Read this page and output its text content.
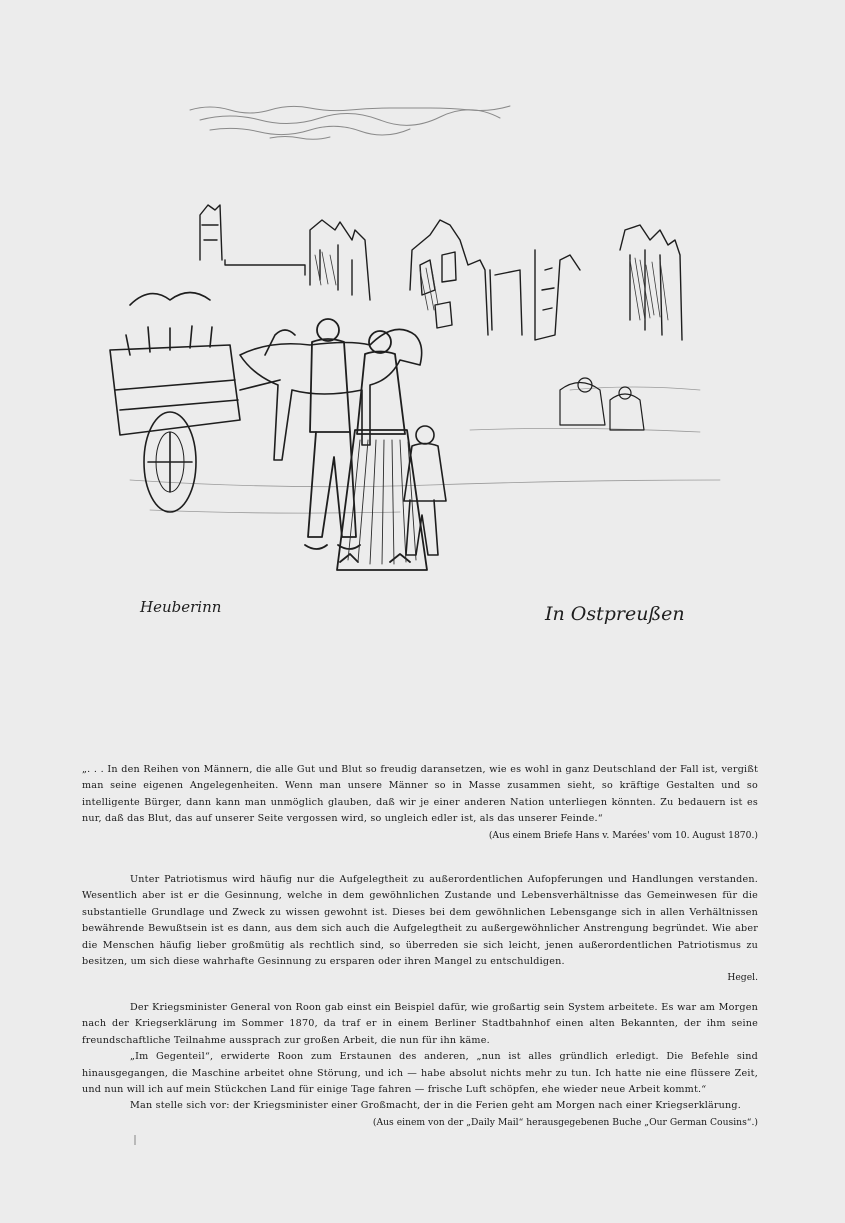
Heuberinn	In Ostpreußen

„. . . In den Reihen von Männern, die alle Gut und Blut so freudig daransetzen, wie es wohl in ganz Deutschland der Fall ist, vergißt man seine eigenen Angelegenheiten. Wenn man unsere Männer so in Masse zusammen sieht, so kräftige Gestalten und so intelligente Bürger, dann kann man unmöglich glauben, daß wir je einer anderen Nation unterliegen könnten. Zu bedauern ist es nur, daß das Blut, das auf unserer Seite vergossen wird, so ungleich edler ist, als das unserer Feinde.“

(Aus einem Briefe Hans v. Marées' vom 10. August 1870.)

Unter Patriotismus wird häufig nur die Aufgelegtheit zu außerordentlichen Aufopferungen und Handlungen verstanden. Wesentlich aber ist er die Gesinnung, welche in dem gewöhnlichen Zustande und Lebensverhältnisse das Gemeinwesen für die substantielle Grundlage und Zweck zu wissen gewohnt ist. Dieses bei dem gewöhnlichen Lebensgange sich in allen Verhältnissen bewährende Bewußtsein ist es dann, aus dem sich auch die Aufgelegtheit zu außergewöhnlicher Anstrengung begründet. Wie aber die Menschen häufig lieber großmütig als rechtlich sind, so überreden sie sich leicht, jenen außerordentlichen Patriotismus zu besitzen, um sich diese wahrhafte Gesinnung zu ersparen oder ihren Mangel zu entschuldigen.

Hegel.

Der Kriegsminister General von Roon gab einst ein Beispiel dafür, wie großartig sein System arbeitete. Es war am Morgen nach der Kriegserklärung im Sommer 1870, da traf er in einem Berliner Stadtbahnhof einen alten Bekannten, der ihm seine freundschaftliche Teilnahme aussprach zur großen Arbeit, die nun für ihn käme.

„Im Gegenteil“, erwiderte Roon zum Erstaunen des anderen, „nun ist alles gründlich erledigt. Die Befehle sind hinausgegangen, die Maschine arbeitet ohne Störung, und ich — habe absolut nichts mehr zu tun. Ich hatte nie eine flüssere Zeit, und nun will ich auf mein Stückchen Land für einige Tage fahren — frische Luft schöpfen, ehe wieder neue Arbeit kommt.“

Man stelle sich vor: der Kriegsminister einer Großmacht, der in die Ferien geht am Morgen nach einer Kriegserklärung.

(Aus einem von der „Daily Mail“ herausgegebenen Buche „Our German Cousins“.)
